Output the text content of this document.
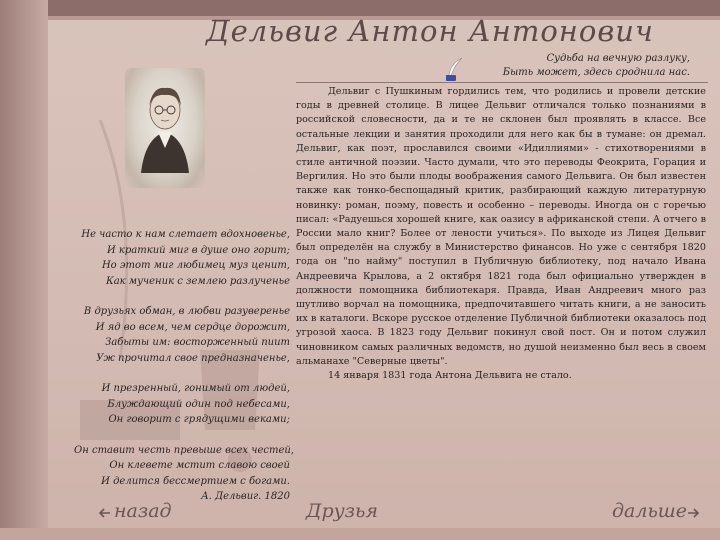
Дельвиг Антон Антонович
Судьба на вечную разлуку,
Быть может, здесь сроднила нас.
Не часто к нам слетает вдохновенье,
И краткий миг в душе оно горит;
Но этот миг любимец муз ценит,
Как мученик с землею разлученье
В друзьях обман, в любви разуверенье
И яд во всем, чем сердце дорожит,
Забыты им: восторженный пиит
Уж прочитал свое предназначенье,
И презренный, гонимый от людей,
Блуждающий один под небесами,
Он говорит с грядущими веками;
Он ставит честь превыше всех честей,
Он клевете мстит славою своей
И делится бессмертием с богами.
А. Дельвиг. 1820

Дельвиг с Пушкиным гордились тем, что родились и провели детские годы в древней столице. В лицее Дельвиг отличался только познаниями в российской словесности, да и те не склонен был проявлять в классе. Все остальные лекции и занятия проходили для него как бы в тумане: он дремал. Дельвиг, как поэт, прославился своими «Идиллиями» - стихотворениями в стиле античной поэзии. Часто думали, что это переводы Феокрита, Горация и Вергилия. Но это были плоды воображения самого Дельвига. Он был известен также как тонко-беспощадный критик, разбирающий каждую литературную новинку: роман, поэму, повесть и особенно – переводы. Иногда он с горечью писал: «Радуешься хорошей книге, как оазису в африканской степи. А отчего в России мало книг? Более от лености учиться». По выходе из Лицея Дельвиг был определён на службу в Министерство финансов. Но уже с сентября 1820 года он "по найму" поступил в Публичную библиотеку, под начало Ивана Андреевича Крылова, а 2 октября 1821 года был официально утвержден в должности помощника библиотекаря. Правда, Иван Андреевич много раз шутливо ворчал на помощника, предпочитавшего читать книги, а не заносить их в каталоги. Вскоре русское отделение Публичной библиотеки оказалось под угрозой хаоса. В 1823 году Дельвиг покинул свой пост. Он и потом служил чиновником самых различных ведомств, но душой неизменно был весь в своем альманахе "Северные цветы".

14 января 1831 года Антона Дельвига не стало.

назад	Друзья	дальше
